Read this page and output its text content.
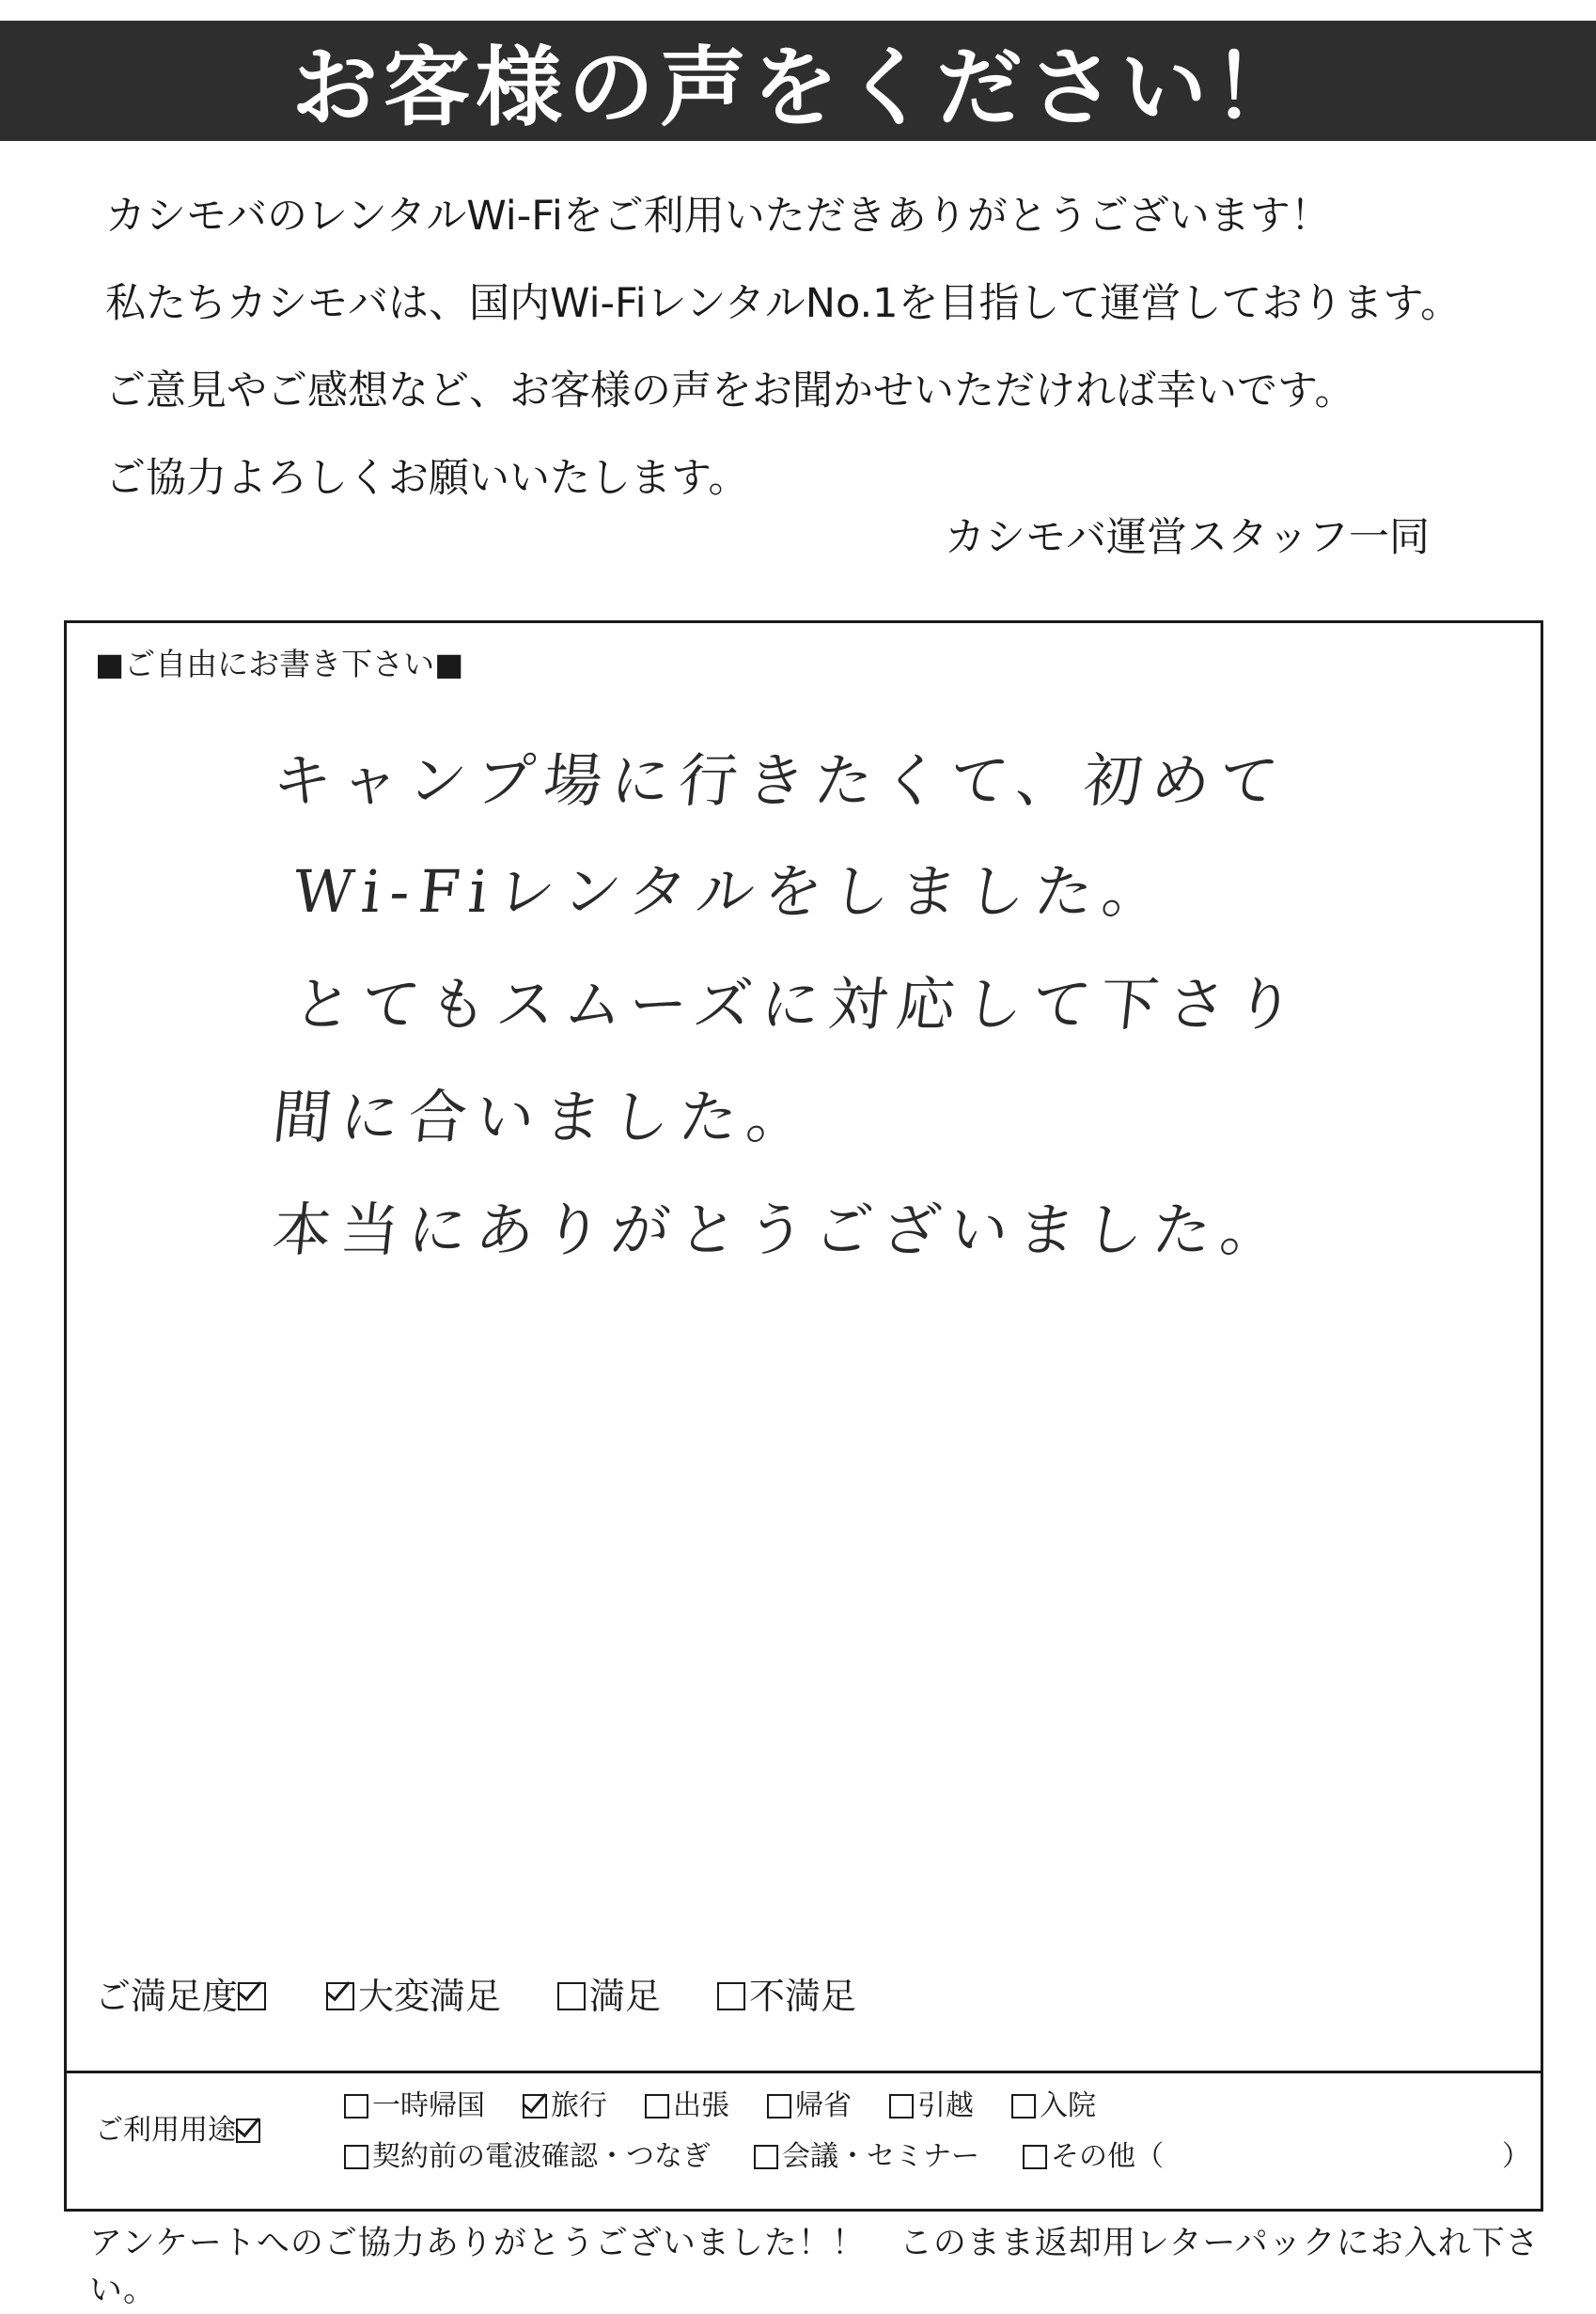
お客様の声をください！

カシモバのレンタルWi-Fiをご利用いただきありがとうございます！

私たちカシモバは、国内Wi-FiレンタルNo.1を目指して運営しております。

ご意見やご感想など、お客様の声をお聞かせいただければ幸いです。

ご協力よろしくお願いいたします。

カシモバ運営スタッフ一同
■ご自由にお書き下さい■
キャンプ場に行きたくて、初めて
Wi-Fiレンタルをしました。
とてもスムーズに対応して下さり
間に合いました。
本当にありがとうございました。
ご満足度	大変満足 満足 不満足
ご利用用途
一時帰国 旅行 出張 帰省 引越 入院
契約前の電波確認・つなぎ	会議・セミナー	その他（	）
アンケートへのご協力ありがとうございました！！　このまま返却用レターパックにお入れ下さい。
